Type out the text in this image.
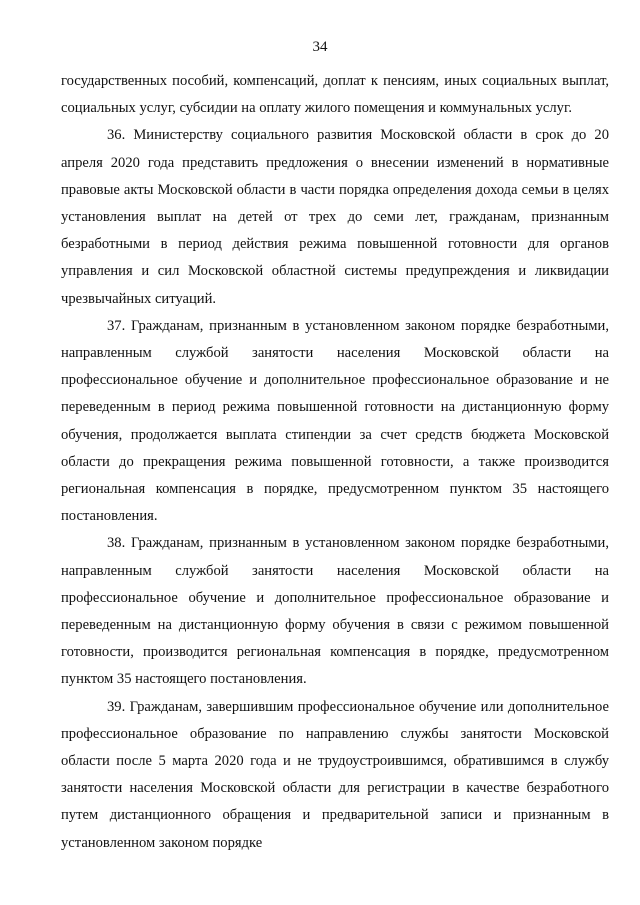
34

государственных пособий, компенсаций, доплат к пенсиям, иных социальных выплат, социальных услуг, субсидии на оплату жилого помещения и коммунальных услуг.

36. Министерству социального развития Московской области в срок до 20 апреля 2020 года представить предложения о внесении изменений в нормативные правовые акты Московской области в части порядка определения дохода семьи в целях установления выплат на детей от трех до семи лет, гражданам, признанным безработными в период действия режима повышенной готовности для органов управления и сил Московской областной системы предупреждения и ликвидации чрезвычайных ситуаций.

37. Гражданам, признанным в установленном законом порядке безработными, направленным службой занятости населения Московской области на профессиональное обучение и дополнительное профессиональное образование и не переведенным в период режима повышенной готовности на дистанционную форму обучения, продолжается выплата стипендии за счет средств бюджета Московской области до прекращения режима повышенной готовности, а также производится региональная компенсация в порядке, предусмотренном пунктом 35 настоящего постановления.

38. Гражданам, признанным в установленном законом порядке безработными, направленным службой занятости населения Московской области на профессиональное обучение и дополнительное профессиональное образование и переведенным на дистанционную форму обучения в связи с режимом повышенной готовности, производится региональная компенсация в порядке, предусмотренном пунктом 35 настоящего постановления.

39. Гражданам, завершившим профессиональное обучение или дополнительное профессиональное образование по направлению службы занятости Московской области после 5 марта 2020 года и не трудоустроившимся, обратившимся в службу занятости населения Московской области для регистрации в качестве безработного путем дистанционного обращения и предварительной записи и признанным в установленном законом порядке
